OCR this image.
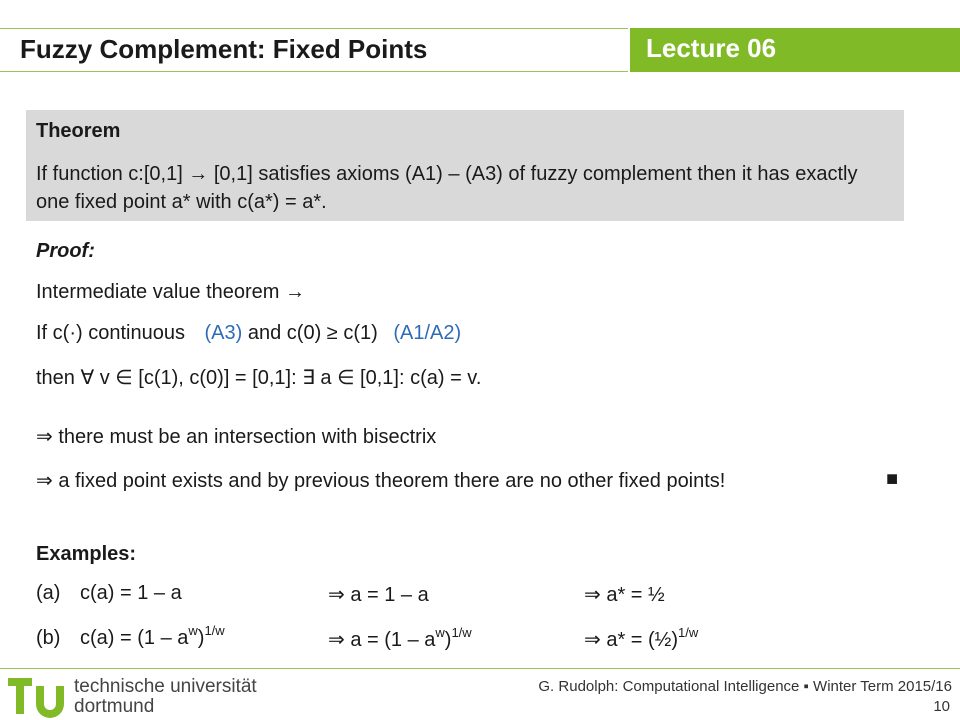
Fuzzy Complement: Fixed Points	Lecture 06
Theorem
If function c:[0,1] → [0,1] satisfies axioms (A1) – (A3) of fuzzy complement then it has exactly one fixed point a* with c(a*) = a*.
Proof:
Intermediate value theorem →
If c(·) continuous (A3) and c(0) ≥ c(1) (A1/A2)
then ∀ v ∈ [c(1), c(0)] = [0,1]: ∃ a ∈ [0,1]: c(a) = v.
⇒ there must be an intersection with bisectrix
⇒ a fixed point exists and by previous theorem there are no other fixed points!	■
Examples:
(a) c(a) = 1 – a	⇒ a = 1 – a	⇒ a* = ½
(b) $c(a) = (1 - a^w)^{1/w}$	⇒ $a = (1 - a^w)^{1/w}$	⇒ a* = (½)$^{1/w}$
technische universität
dortmund
G. Rudolph: Computational Intelligence ▪ Winter Term 2015/16
10
